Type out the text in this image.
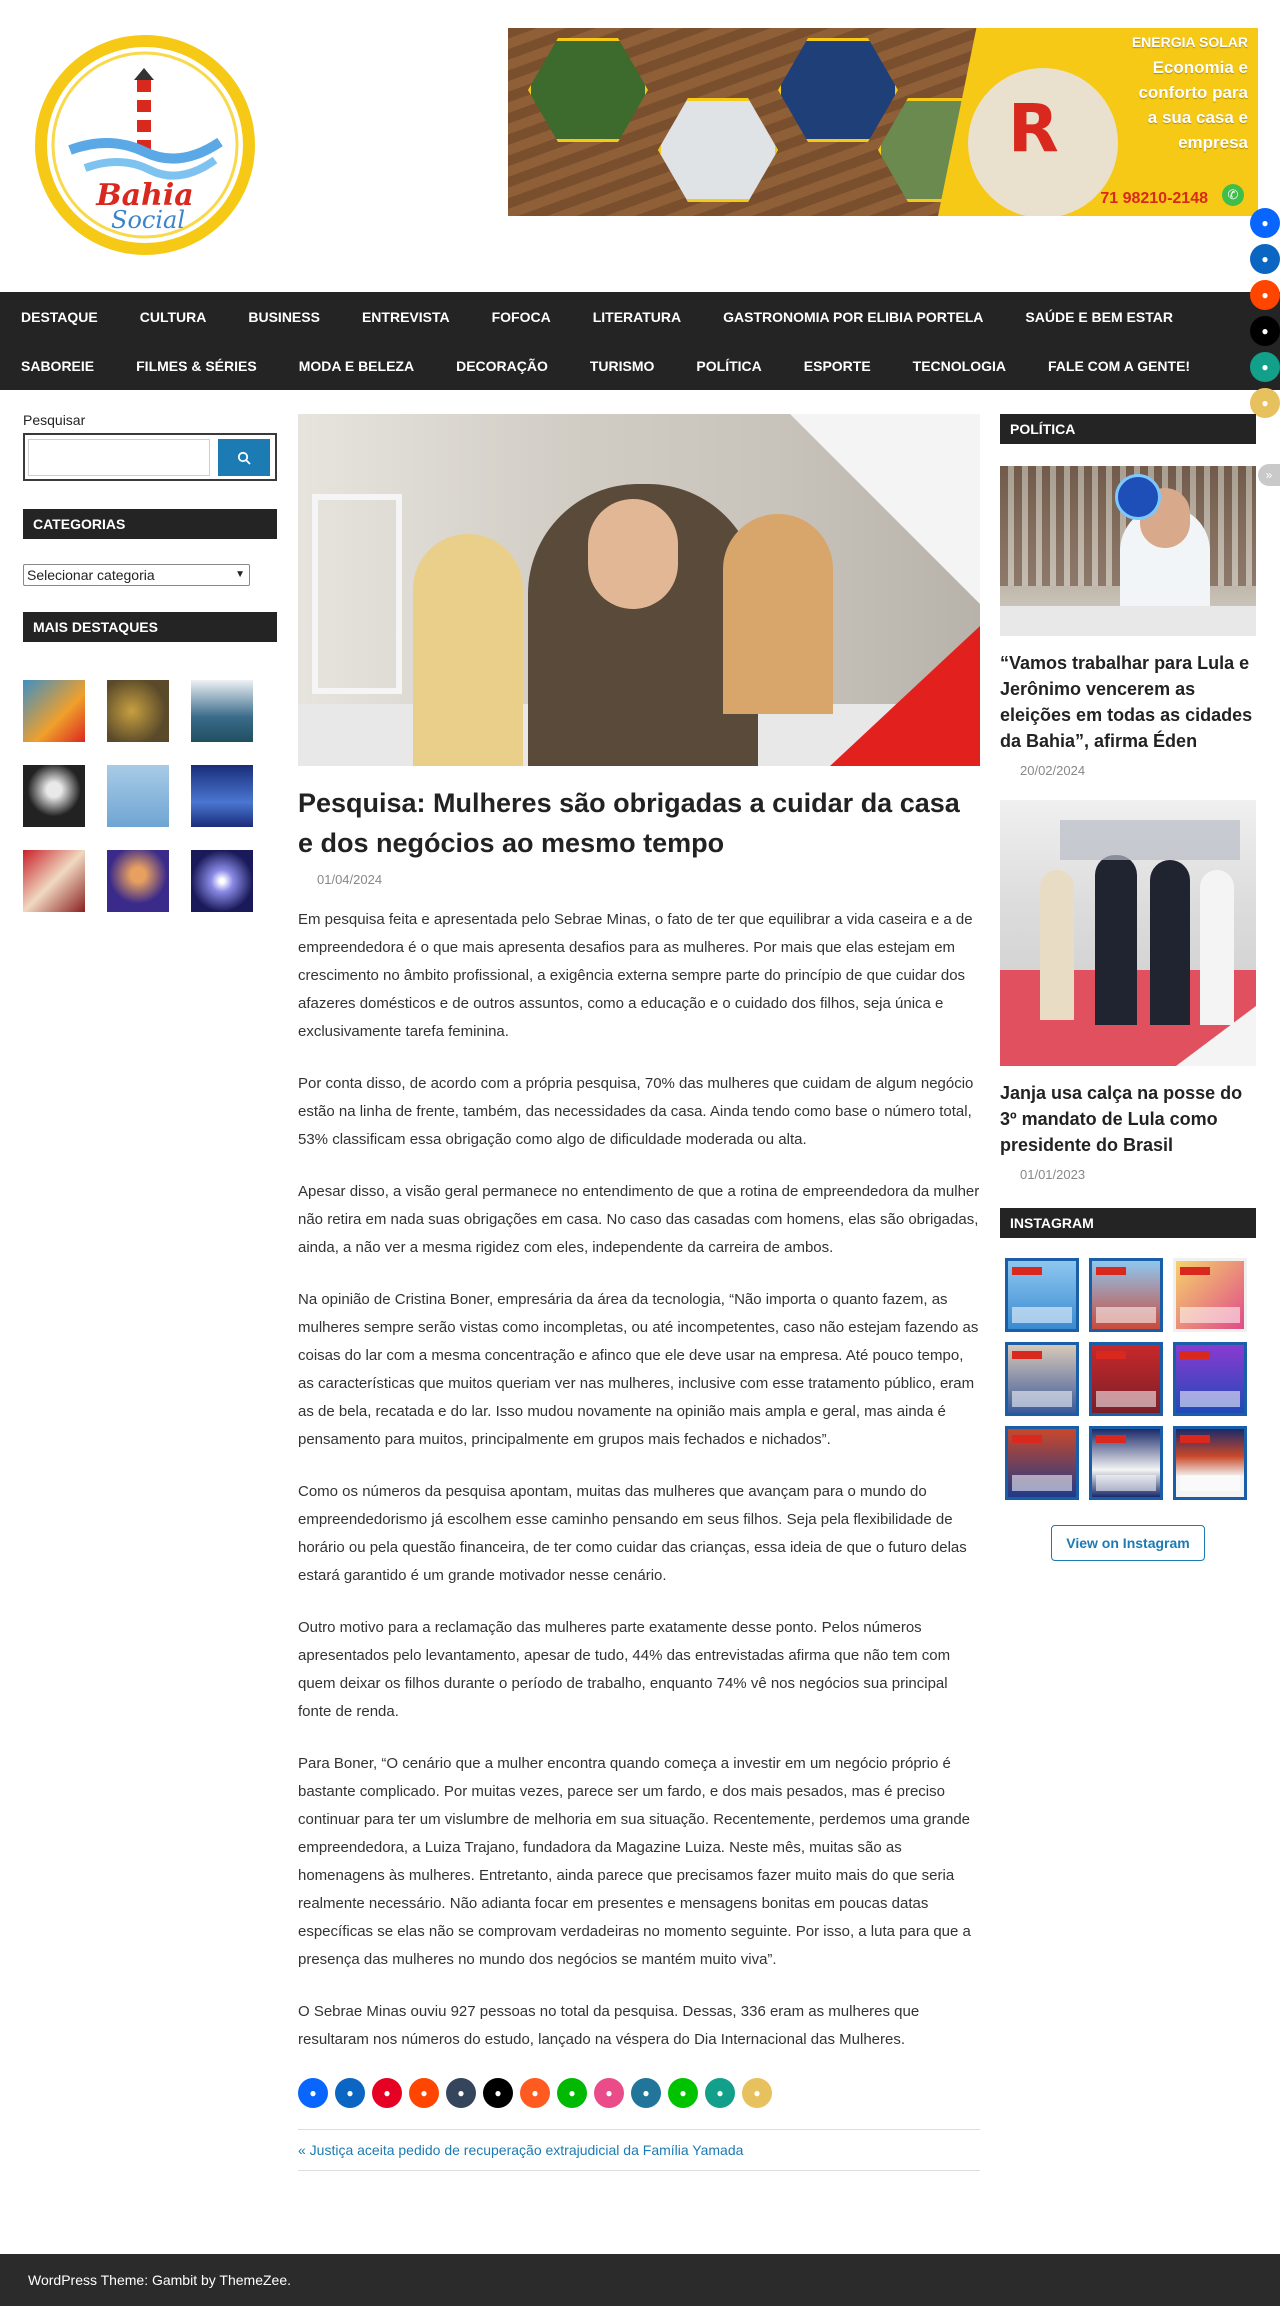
Bahia
Social
R
ENERGIA SOLAR
Economia e
conforto para
a sua casa e
empresa
71 98210-2148	✆
DESTAQUE	CULTURA	BUSINESS	ENTREVISTA	FOFOCA	LITERATURA	GASTRONOMIA POR ELIBIA PORTELA	SAÚDE E BEM ESTAR
SABOREIE	FILMES & SÉRIES	MODA E BELEZA	DECORAÇÃO	TURISMO	POLÍTICA	ESPORTE	TECNOLOGIA	FALE COM A GENTE!
●
●
●
●
●
●
»
Pesquisar
CATEGORIAS
Selecionar categoria	▼
MAIS DESTAQUES
Pesquisa: Mulheres são obrigadas a cuidar da casa e dos negócios ao mesmo tempo
01/04/2024

Em pesquisa feita e apresentada pelo Sebrae Minas, o fato de ter que equilibrar a vida caseira e a de empreendedora é o que mais apresenta desafios para as mulheres. Por mais que elas estejam em crescimento no âmbito profissional, a exigência externa sempre parte do princípio de que cuidar dos afazeres domésticos e de outros assuntos, como a educação e o cuidado dos filhos, seja única e exclusivamente tarefa feminina.

Por conta disso, de acordo com a própria pesquisa, 70% das mulheres que cuidam de algum negócio estão na linha de frente, também, das necessidades da casa. Ainda tendo como base o número total, 53% classificam essa obrigação como algo de dificuldade moderada ou alta.

Apesar disso, a visão geral permanece no entendimento de que a rotina de empreendedora da mulher não retira em nada suas obrigações em casa. No caso das casadas com homens, elas são obrigadas, ainda, a não ver a mesma rigidez com eles, independente da carreira de ambos.

Na opinião de Cristina Boner, empresária da área da tecnologia, “Não importa o quanto fazem, as mulheres sempre serão vistas como incompletas, ou até incompetentes, caso não estejam fazendo as coisas do lar com a mesma concentração e afinco que ele deve usar na empresa. Até pouco tempo, as características que muitos queriam ver nas mulheres, inclusive com esse tratamento público, eram as de bela, recatada e do lar. Isso mudou novamente na opinião mais ampla e geral, mas ainda é pensamento para muitos, principalmente em grupos mais fechados e nichados”.

Como os números da pesquisa apontam, muitas das mulheres que avançam para o mundo do empreendedorismo já escolhem esse caminho pensando em seus filhos. Seja pela flexibilidade de horário ou pela questão financeira, de ter como cuidar das crianças, essa ideia de que o futuro delas estará garantido é um grande motivador nesse cenário.

Outro motivo para a reclamação das mulheres parte exatamente desse ponto. Pelos números apresentados pelo levantamento, apesar de tudo, 44% das entrevistadas afirma que não tem com quem deixar os filhos durante o período de trabalho, enquanto 74% vê nos negócios sua principal fonte de renda.

Para Boner, “O cenário que a mulher encontra quando começa a investir em um negócio próprio é bastante complicado. Por muitas vezes, parece ser um fardo, e dos mais pesados, mas é preciso continuar para ter um vislumbre de melhoria em sua situação. Recentemente, perdemos uma grande empreendedora, a Luiza Trajano, fundadora da Magazine Luiza. Neste mês, muitas são as homenagens às mulheres. Entretanto, ainda parece que precisamos fazer muito mais do que seria realmente necessário. Não adianta focar em presentes e mensagens bonitas em poucas datas específicas se elas não se comprovam verdadeiras no momento seguinte. Por isso, a luta para que a presença das mulheres no mundo dos negócios se mantém muito viva”.

O Sebrae Minas ouviu 927 pessoas no total da pesquisa. Dessas, 336 eram as mulheres que resultaram nos números do estudo, lançado na véspera do Dia Internacional das Mulheres.

●	●	●	●	●	●	●	●	●	●	●	●	●
« Justiça aceita pedido de recuperação extrajudicial da Família Yamada
POLÍTICA
“Vamos trabalhar para Lula e Jerônimo vencerem as eleições em todas as cidades da Bahia”, afirma Éden
20/02/2024
Janja usa calça na posse do 3º mandato de Lula como presidente do Brasil
01/01/2023
INSTAGRAM
View on Instagram
WordPress Theme: Gambit by ThemeZee.
